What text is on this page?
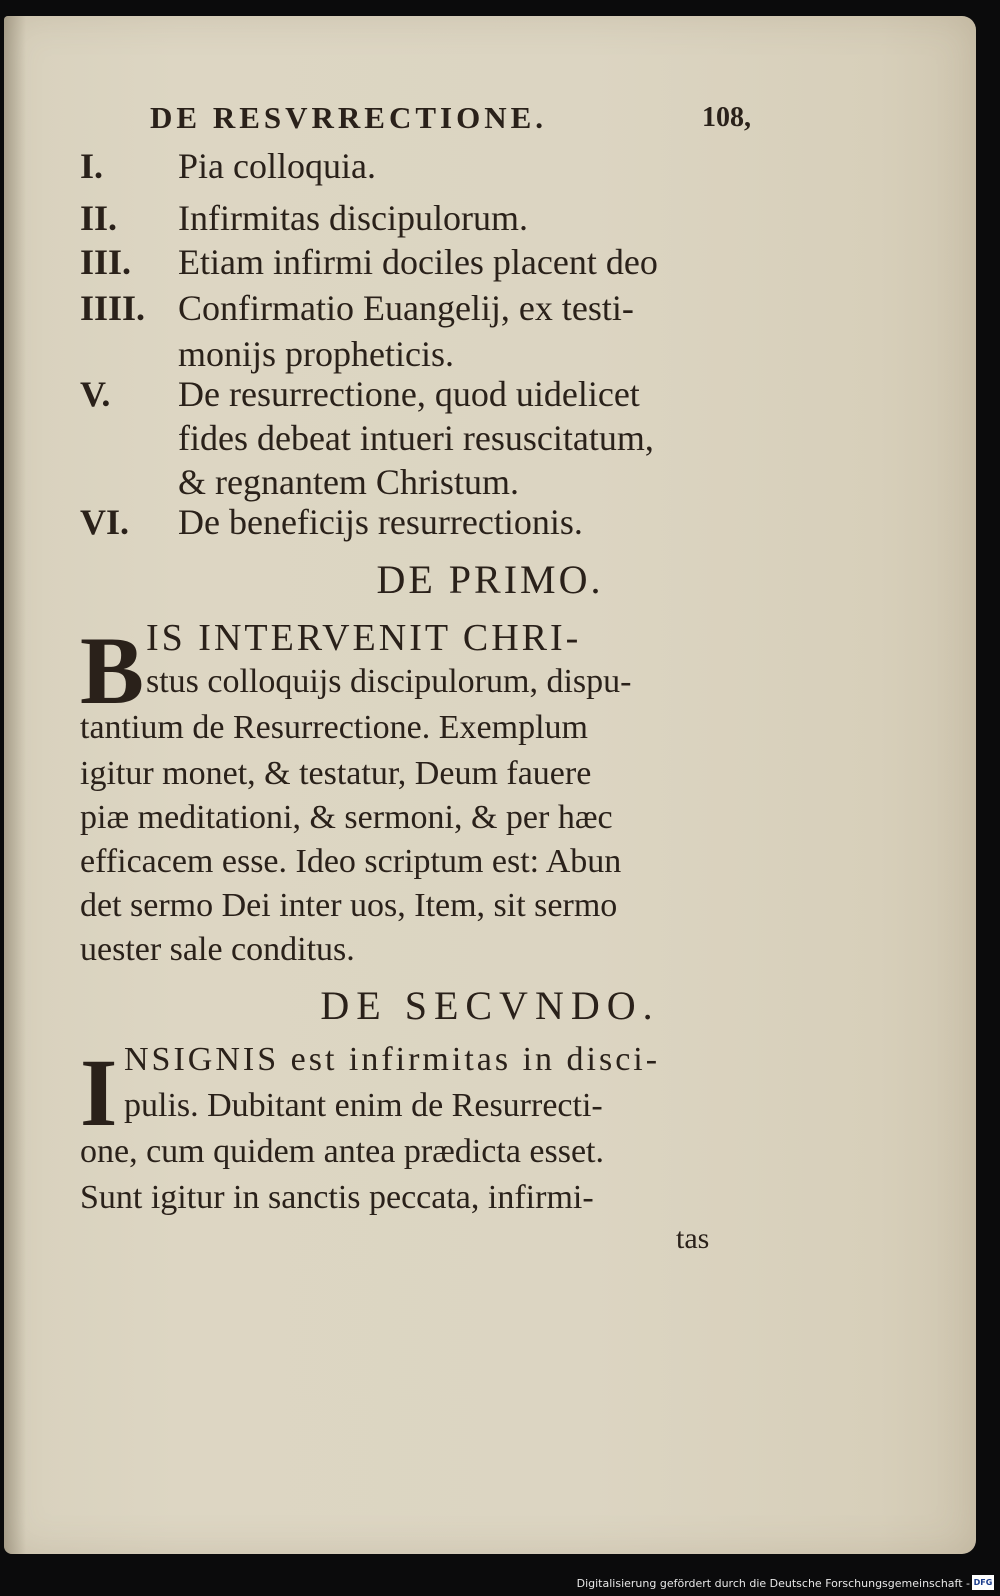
DE RESVRRECTIONE.	108,
I. Pia colloquia.
II. Infirmitas discipulorum.
III. Etiam infirmi dociles placent deo
IIII. Confirmatio Euangelij, ex testi-
monijs propheticis.
V. De resurrectione, quod uidelicet
fides debeat intueri resuscitatum,
& regnantem Christum.
VI. De beneficijs resurrectionis.
DE PRIMO.
B IS INTERVENIT CHRI-
stus colloquijs discipulorum, dispu-
tantium de Resurrectione. Exemplum
igitur monet, & testatur, Deum fauere
piæ meditationi, & sermoni, & per hæc
efficacem esse. Ideo scriptum est: Abun
det sermo Dei inter uos, Item, sit sermo
uester sale conditus.
DE SECVNDO.
I NSIGNIS est infirmitas in disci-
pulis. Dubitant enim de Resurrecti-
one, cum quidem antea prædicta esset.
Sunt igitur in sanctis peccata, infirmi-
tas
Digitalisierung gefördert durch die Deutsche Forschungsgemeinschaft - DFG
